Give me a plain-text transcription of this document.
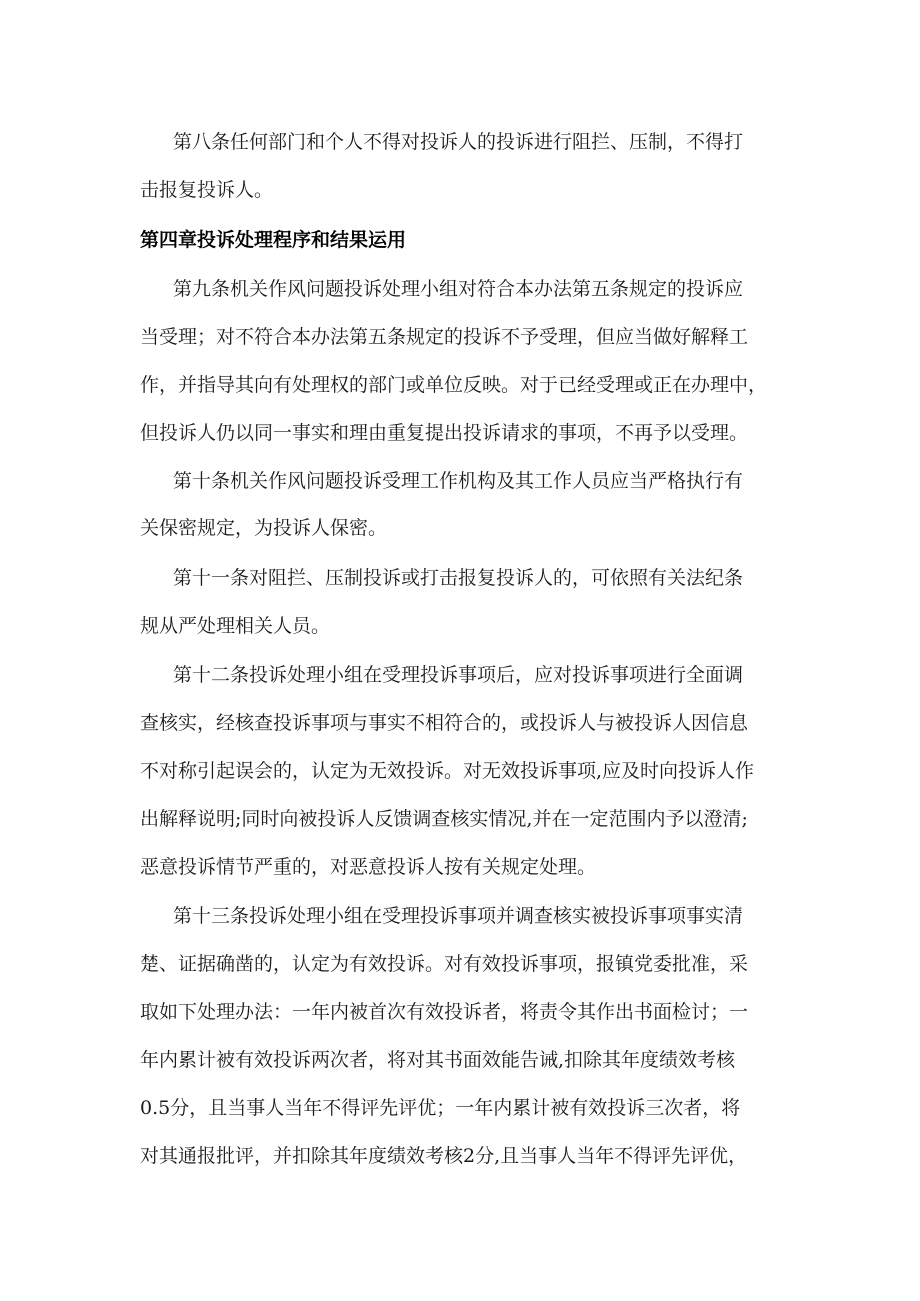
第八条任何部门和个人不得对投诉人的投诉进行阻拦、压制，不得打
击报复投诉人。
第四章投诉处理程序和结果运用
第九条机关作风问题投诉处理小组对符合本办法第五条规定的投诉应
当受理；对不符合本办法第五条规定的投诉不予受理，但应当做好解释工
作，并指导其向有处理权的部门或单位反映。对于已经受理或正在办理中，
但投诉人仍以同一事实和理由重复提出投诉请求的事项，不再予以受理。
第十条机关作风问题投诉受理工作机构及其工作人员应当严格执行有
关保密规定，为投诉人保密。
第十一条对阻拦、压制投诉或打击报复投诉人的，可依照有关法纪条
规从严处理相关人员。
第十二条投诉处理小组在受理投诉事项后，应对投诉事项进行全面调
查核实，经核查投诉事项与事实不相符合的，或投诉人与被投诉人因信息
不对称引起误会的，认定为无效投诉。对无效投诉事项,应及时向投诉人作
出解释说明;同时向被投诉人反馈调查核实情况,并在一定范围内予以澄清;
恶意投诉情节严重的，对恶意投诉人按有关规定处理。
第十三条投诉处理小组在受理投诉事项并调查核实被投诉事项事实清
楚、证据确凿的，认定为有效投诉。对有效投诉事项，报镇党委批准，采
取如下处理办法：一年内被首次有效投诉者，将责令其作出书面检讨；一
年内累计被有效投诉两次者，将对其书面效能告诫,扣除其年度绩效考核
0.5分，且当事人当年不得评先评优；一年内累计被有效投诉三次者，将
对其通报批评，并扣除其年度绩效考核2分,且当事人当年不得评先评优，
